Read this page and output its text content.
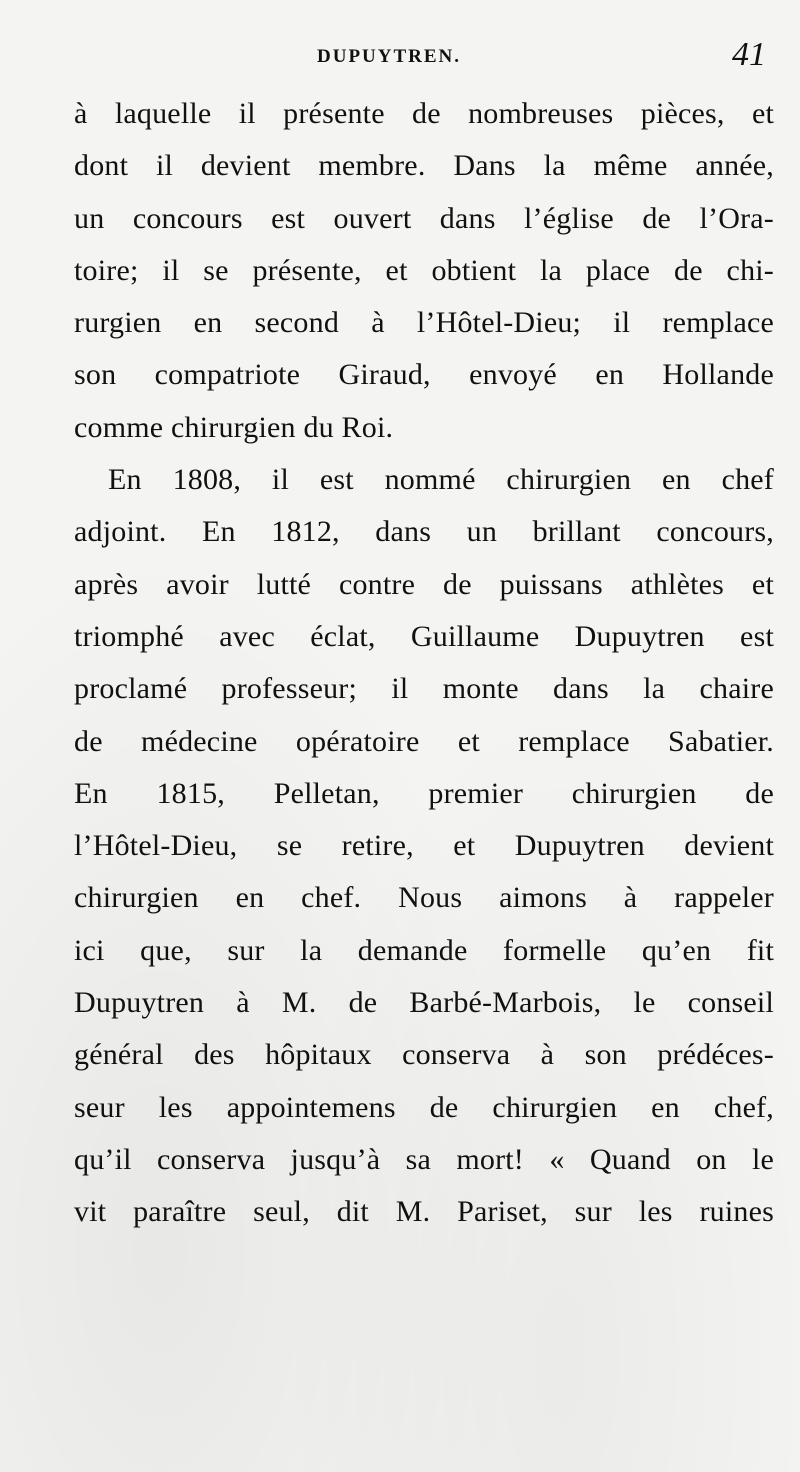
DUPUYTREN.	41
à laquelle il présente de nombreuses pièces, et
dont il devient membre. Dans la même année,
un concours est ouvert dans l’église de l’Ora-
toire; il se présente, et obtient la place de chi-
rurgien en second à l’Hôtel-Dieu; il remplace
son compatriote Giraud, envoyé en Hollande
comme chirurgien du Roi.
En 1808, il est nommé chirurgien en chef
adjoint. En 1812, dans un brillant concours,
après avoir lutté contre de puissans athlètes et
triomphé avec éclat, Guillaume Dupuytren est
proclamé professeur; il monte dans la chaire
de médecine opératoire et remplace Sabatier.
En 1815, Pelletan, premier chirurgien de
l’Hôtel-Dieu, se retire, et Dupuytren devient
chirurgien en chef. Nous aimons à rappeler
ici que, sur la demande formelle qu’en fit
Dupuytren à M. de Barbé-Marbois, le conseil
général des hôpitaux conserva à son prédéces-
seur les appointemens de chirurgien en chef,
qu’il conserva jusqu’à sa mort! « Quand on le
vit paraître seul, dit M. Pariset, sur les ruines
